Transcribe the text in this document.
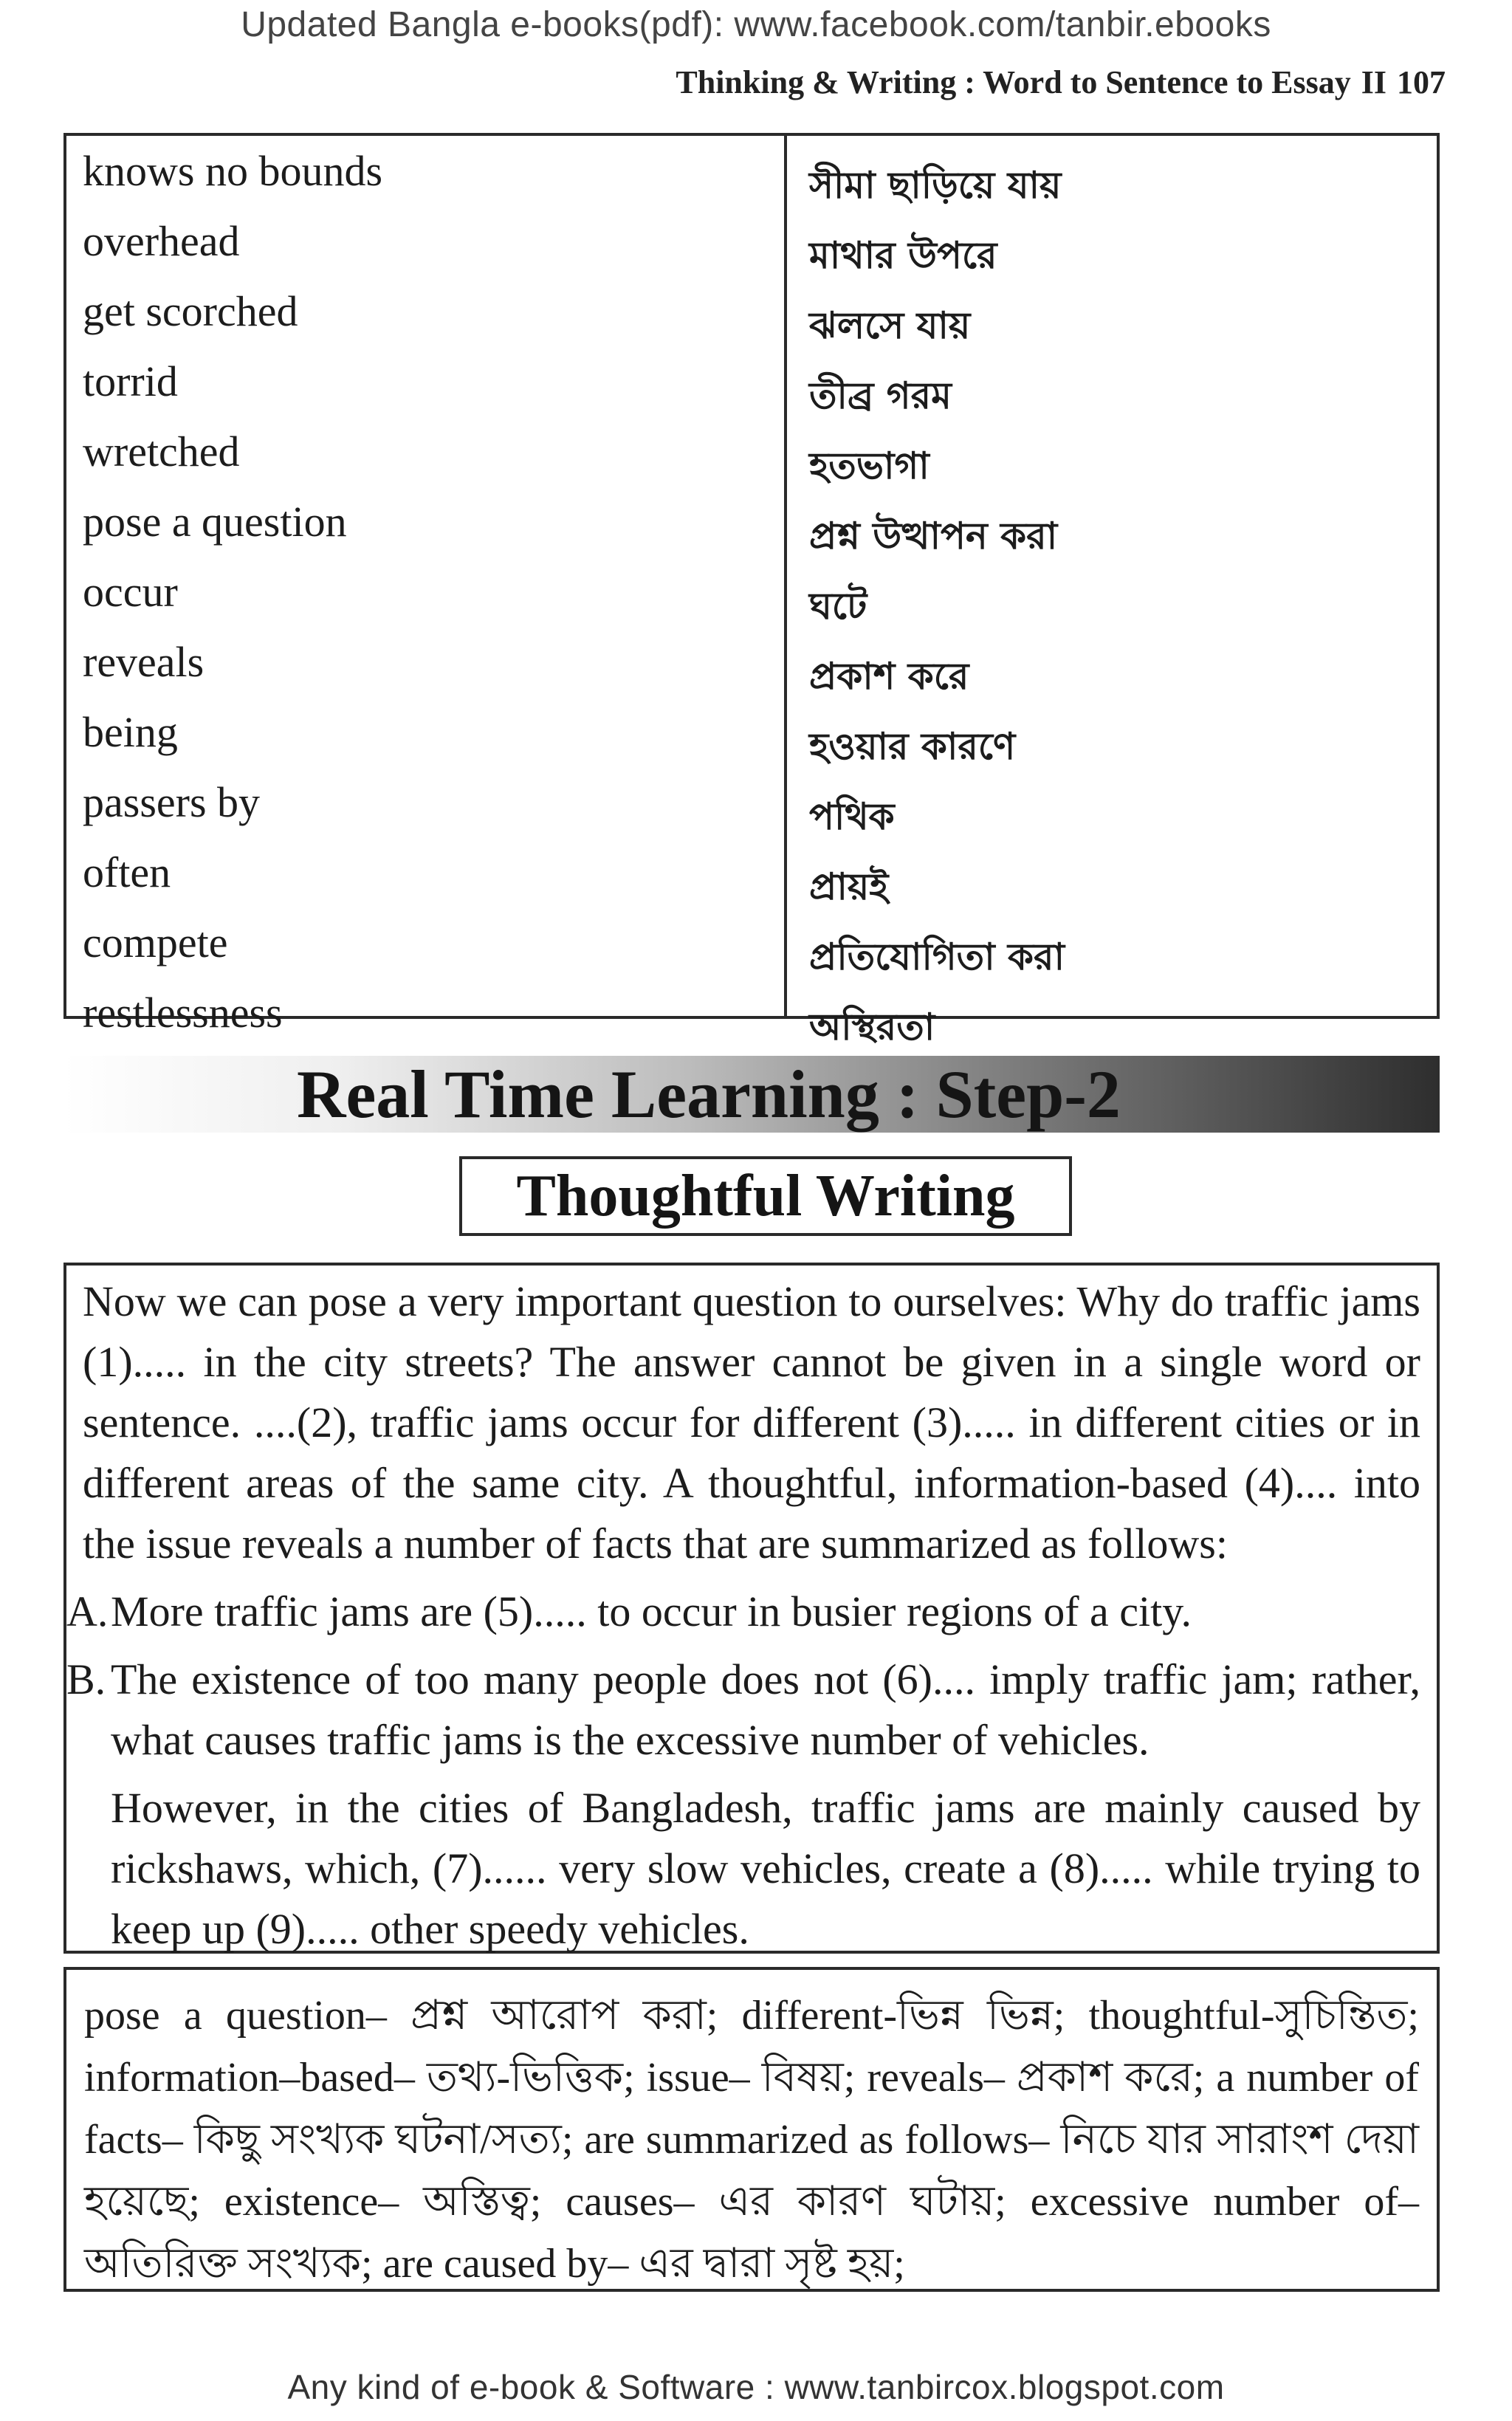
Updated Bangla e-books(pdf): www.facebook.com/tanbir.ebooks
Thinking & Writing : Word to Sentence to Essay II 107
knows no bounds
overhead
get scorched
torrid
wretched
pose a question
occur
reveals
being
passers by
often
compete
restlessness
সীমা ছাড়িয়ে যায়
মাথার উপরে
ঝলসে যায়
তীব্র গরম
হতভাগা
প্রশ্ন উত্থাপন করা
ঘটে
প্রকাশ করে
হওয়ার কারণে
পথিক
প্রায়ই
প্রতিযোগিতা করা
অস্থিরতা
Real Time Learning : Step-2
Thoughtful Writing

Now we can pose a very important question to ourselves: Why do traffic jams (1)..... in the city streets? The answer cannot be given in a single word or sentence. ....(2), traffic jams occur for different (3)..... in different cities or in different areas of the same city. A thoughtful, information-based (4).... into the issue reveals a number of facts that are summarized as follows:

A. More traffic jams are (5)..... to occur in busier regions of a city.
B. The existence of too many people does not (6).... imply traffic jam; rather, what causes traffic jams is the excessive number of vehicles.

However, in the cities of Bangladesh, traffic jams are mainly caused by rickshaws, which, (7)...... very slow vehicles, create a (8)..... while trying to keep up (9)..... other speedy vehicles.

pose a question– প্রশ্ন আরোপ করা; different-ভিন্ন ভিন্ন; thoughtful-সুচিন্তিত; information–based– তথ্য-ভিত্তিক; issue– বিষয়; reveals– প্রকাশ করে; a number of facts– কিছু সংখ্যক ঘটনা/সত্য; are summarized as follows– নিচে যার সারাংশ দেয়া হয়েছে; existence– অস্তিত্ব; causes– এর কারণ ঘটায়; excessive number of– অতিরিক্ত সংখ্যক; are caused by– এর দ্বারা সৃষ্ট হয়;
Any kind of e-book & Software : www.tanbircox.blogspot.com
